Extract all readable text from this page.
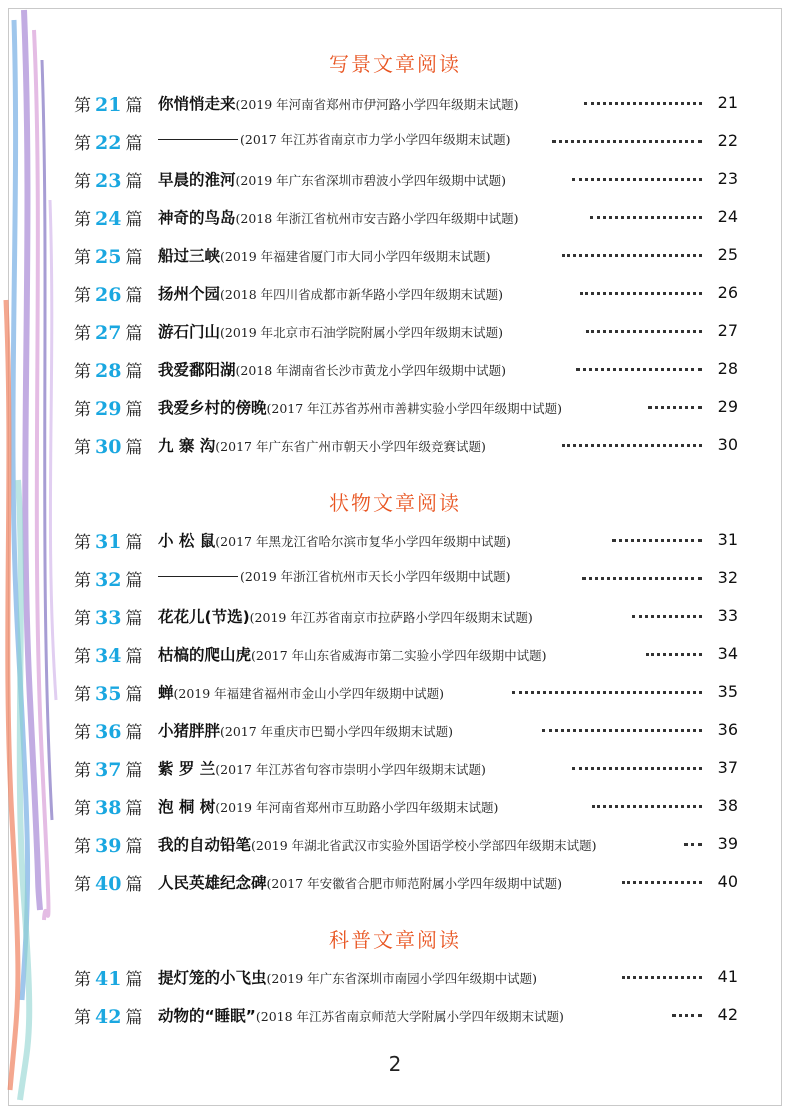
写景文章阅读
第 21 篇 你悄悄走来(2019 年河南省郑州市伊河路小学四年级期末试题)	21
第 22 篇	(2017 年江苏省南京市力学小学四年级期末试题)	22
第 23 篇 早晨的淮河(2019 年广东省深圳市碧波小学四年级期中试题)	23
第 24 篇 神奇的鸟岛(2018 年浙江省杭州市安吉路小学四年级期中试题)	24
第 25 篇 船过三峡(2019 年福建省厦门市大同小学四年级期末试题)	25
第 26 篇 扬州个园(2018 年四川省成都市新华路小学四年级期末试题)	26
第 27 篇 游石门山(2019 年北京市石油学院附属小学四年级期末试题)	27
第 28 篇 我爱鄱阳湖(2018 年湖南省长沙市黄龙小学四年级期中试题)	28
第 29 篇 我爱乡村的傍晚(2017 年江苏省苏州市善耕实验小学四年级期中试题)	29
第 30 篇 九 寨 沟(2017 年广东省广州市朝天小学四年级竞赛试题)	30
状物文章阅读
第 31 篇 小 松 鼠(2017 年黑龙江省哈尔滨市复华小学四年级期中试题)	31
第 32 篇	(2019 年浙江省杭州市天长小学四年级期中试题)	32
第 33 篇 花花儿(节选)(2019 年江苏省南京市拉萨路小学四年级期末试题)	33
第 34 篇 枯槁的爬山虎(2017 年山东省威海市第二实验小学四年级期中试题)	34
第 35 篇 蝉(2019 年福建省福州市金山小学四年级期中试题)	35
第 36 篇 小猪胖胖(2017 年重庆市巴蜀小学四年级期末试题)	36
第 37 篇 紫 罗 兰(2017 年江苏省句容市崇明小学四年级期末试题)	37
第 38 篇 泡 桐 树(2019 年河南省郑州市互助路小学四年级期末试题)	38
第 39 篇 我的自动铅笔(2019 年湖北省武汉市实验外国语学校小学部四年级期末试题)	39
第 40 篇 人民英雄纪念碑(2017 年安徽省合肥市师范附属小学四年级期中试题)	40
科普文章阅读
第 41 篇 提灯笼的小飞虫(2019 年广东省深圳市南园小学四年级期中试题)	41
第 42 篇 动物的“睡眠”(2018 年江苏省南京师范大学附属小学四年级期末试题)	42
2
